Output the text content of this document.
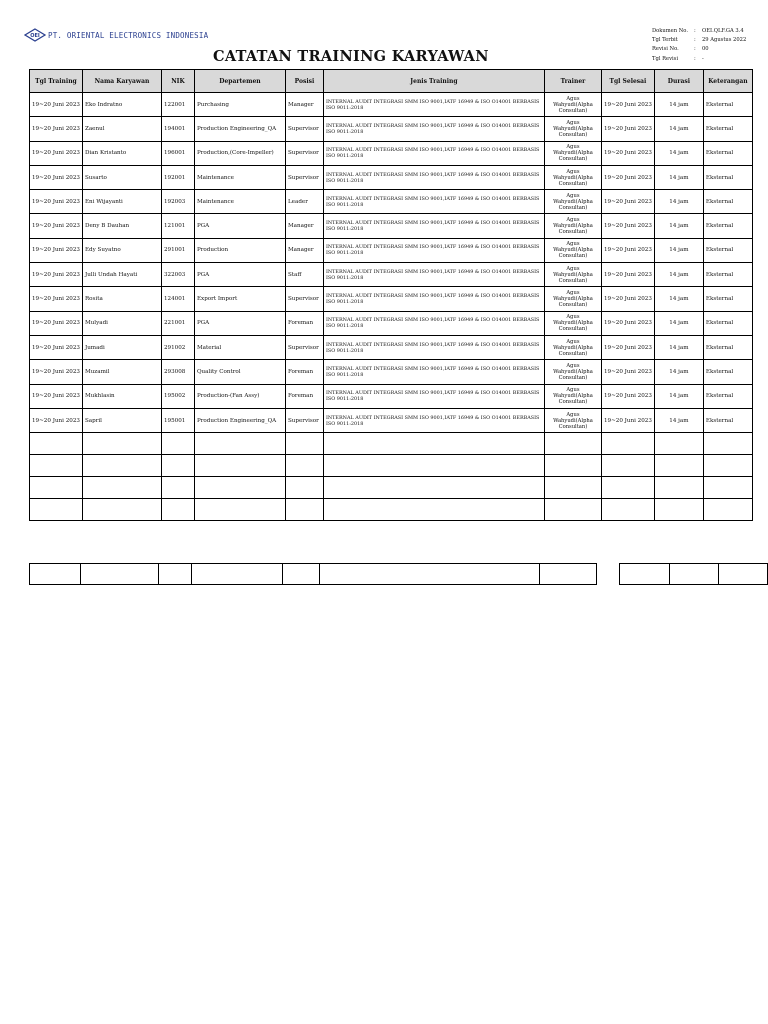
OEI PT. ORIENTAL ELECTRONICS INDONESIA
CATATAN TRAINING KARYAWAN
Dokumen No.	:	OEI.QLF.GA 3.4
Tgl Terbit	:	29 Agustus 2022
Revisi No.	:	00
Tgl Revisi	:	-
Tgl Training	Nama Karyawan	NIK	Departemen	Posisi	Jenis Training	Trainer	Tgl Selesai	Durasi	Keterangan
19~20 Juni 2023	Eko Indratno	122001	Purchasing	Manager	INTERNAL AUDIT INTEGRASI SMM ISO 9001,IATF 16949 & ISO O14001 BERBASIS ISO 9011:2018	Agus Wahyudi(Alpha Consultan)	19~20 Juni 2023	14 jam	Eksternal
19~20 Juni 2023	Zaenul	194001	Production Engineering_QA	Supervisor	INTERNAL AUDIT INTEGRASI SMM ISO 9001,IATF 16949 & ISO O14001 BERBASIS ISO 9011:2018	Agus Wahyudi(Alpha Consultan)	19~20 Juni 2023	14 jam	Eksternal
19~20 Juni 2023	Dian Kristanto	196001	Production,(Core-Impeller)	Supervisor	INTERNAL AUDIT INTEGRASI SMM ISO 9001,IATF 16949 & ISO O14001 BERBASIS ISO 9011:2018	Agus Wahyudi(Alpha Consultan)	19~20 Juni 2023	14 jam	Eksternal
19~20 Juni 2023	Susarto	192001	Maintenance	Supervisor	INTERNAL AUDIT INTEGRASI SMM ISO 9001,IATF 16949 & ISO O14001 BERBASIS ISO 9011:2018	Agus Wahyudi(Alpha Consultan)	19~20 Juni 2023	14 jam	Eksternal
19~20 Juni 2023	Eni Wijayanti	192003	Maintenance	Leader	INTERNAL AUDIT INTEGRASI SMM ISO 9001,IATF 16949 & ISO O14001 BERBASIS ISO 9011:2018	Agus Wahyudi(Alpha Consultan)	19~20 Juni 2023	14 jam	Eksternal
19~20 Juni 2023	Deny B Dauhan	121001	PGA	Manager	INTERNAL AUDIT INTEGRASI SMM ISO 9001,IATF 16949 & ISO O14001 BERBASIS ISO 9011:2018	Agus Wahyudi(Alpha Consultan)	19~20 Juni 2023	14 jam	Eksternal
19~20 Juni 2023	Edy Suyatno	291001	Production	Manager	INTERNAL AUDIT INTEGRASI SMM ISO 9001,IATF 16949 & ISO O14001 BERBASIS ISO 9011:2018	Agus Wahyudi(Alpha Consultan)	19~20 Juni 2023	14 jam	Eksternal
19~20 Juni 2023	Julli Undah Hayati	322003	PGA	Staff	INTERNAL AUDIT INTEGRASI SMM ISO 9001,IATF 16949 & ISO O14001 BERBASIS ISO 9011:2018	Agus Wahyudi(Alpha Consultan)	19~20 Juni 2023	14 jam	Eksternal
19~20 Juni 2023	Rosita	124001	Export Import	Supervisor	INTERNAL AUDIT INTEGRASI SMM ISO 9001,IATF 16949 & ISO O14001 BERBASIS ISO 9011:2018	Agus Wahyudi(Alpha Consultan)	19~20 Juni 2023	14 jam	Eksternal
19~20 Juni 2023	Mulyadi	221001	PGA	Foreman	INTERNAL AUDIT INTEGRASI SMM ISO 9001,IATF 16949 & ISO O14001 BERBASIS ISO 9011:2018	Agus Wahyudi(Alpha Consultan)	19~20 Juni 2023	14 jam	Eksternal
19~20 Juni 2023	Jumadi	291002	Material	Supervisor	INTERNAL AUDIT INTEGRASI SMM ISO 9001,IATF 16949 & ISO O14001 BERBASIS ISO 9011:2018	Agus Wahyudi(Alpha Consultan)	19~20 Juni 2023	14 jam	Eksternal
19~20 Juni 2023	Muzamil	293008	Quality Control	Foreman	INTERNAL AUDIT INTEGRASI SMM ISO 9001,IATF 16949 & ISO O14001 BERBASIS ISO 9011:2018	Agus Wahyudi(Alpha Consultan)	19~20 Juni 2023	14 jam	Eksternal
19~20 Juni 2023	Mukhlasin	195002	Production-(Fan Assy)	Foreman	INTERNAL AUDIT INTEGRASI SMM ISO 9001,IATF 16949 & ISO O14001 BERBASIS ISO 9011:2018	Agus Wahyudi(Alpha Consultan)	19~20 Juni 2023	14 jam	Eksternal
19~20 Juni 2023	Sapril	195001	Production Engineering_QA	Supervisor	INTERNAL AUDIT INTEGRASI SMM ISO 9001,IATF 16949 & ISO O14001 BERBASIS ISO 9011:2018	Agus Wahyudi(Alpha Consultan)	19~20 Juni 2023	14 jam	Eksternal
